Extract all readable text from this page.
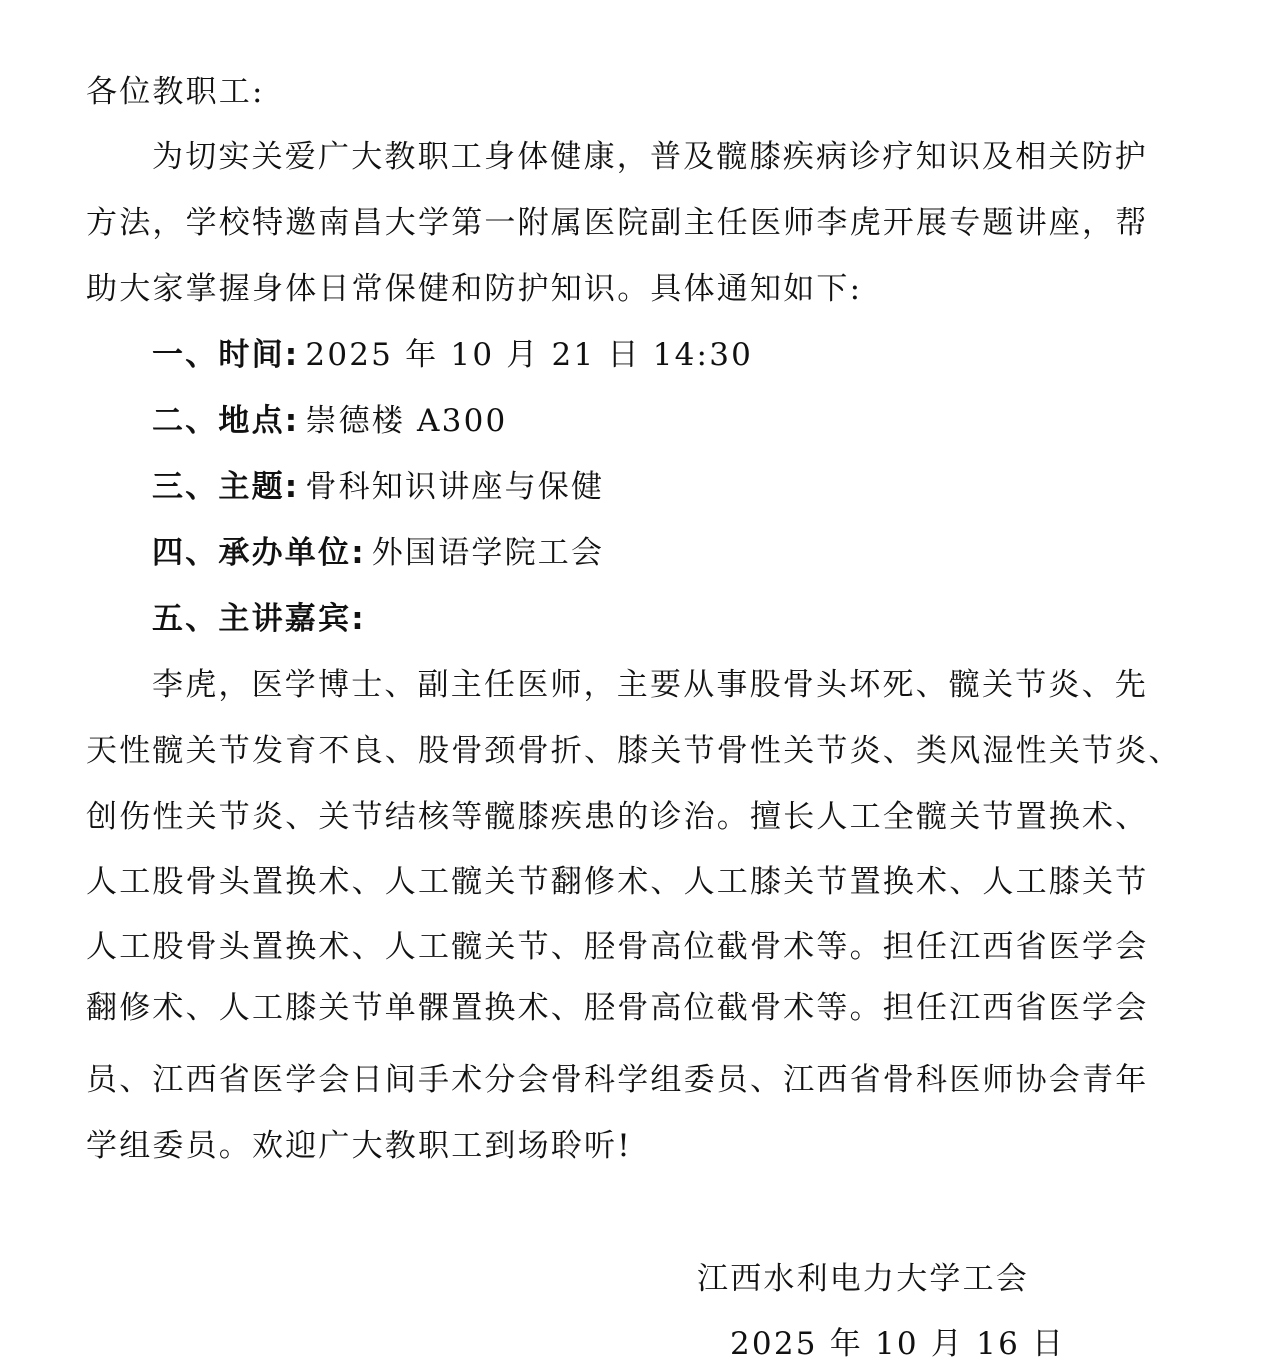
各位教职工:
为切实关爱广大教职工身体健康，普及髋膝疾病诊疗知识及相关防护
方法，学校特邀南昌大学第一附属医院副主任医师李虎开展专题讲座，帮
助大家掌握身体日常保健和防护知识。具体通知如下:
一、时间: 2025 年 10 月 21 日 14:30
二、地点: 崇德楼 A300
三、主题: 骨科知识讲座与保健
四、承办单位: 外国语学院工会
五、主讲嘉宾:
李虎，医学博士、副主任医师，主要从事股骨头坏死、髋关节炎、先
天性髋关节发育不良、股骨颈骨折、膝关节骨性关节炎、类风湿性关节炎、
创伤性关节炎、关节结核等髋膝疾患的诊治。擅长人工全髋关节置换术、
人工股骨头置换术、人工髋关节翻修术、人工膝关节置换术、人工膝关节
人工股骨头置换术、人工髋关节、胫骨高位截骨术等。担任江西省医学会
翻修术、人工膝关节单髁置换术、胫骨高位截骨术等。担任江西省医学会
员、江西省医学会日间手术分会骨科学组委员、江西省骨科医师协会青年
学组委员。欢迎广大教职工到场聆听!
江西水利电力大学工会
2025 年 10 月 16 日
